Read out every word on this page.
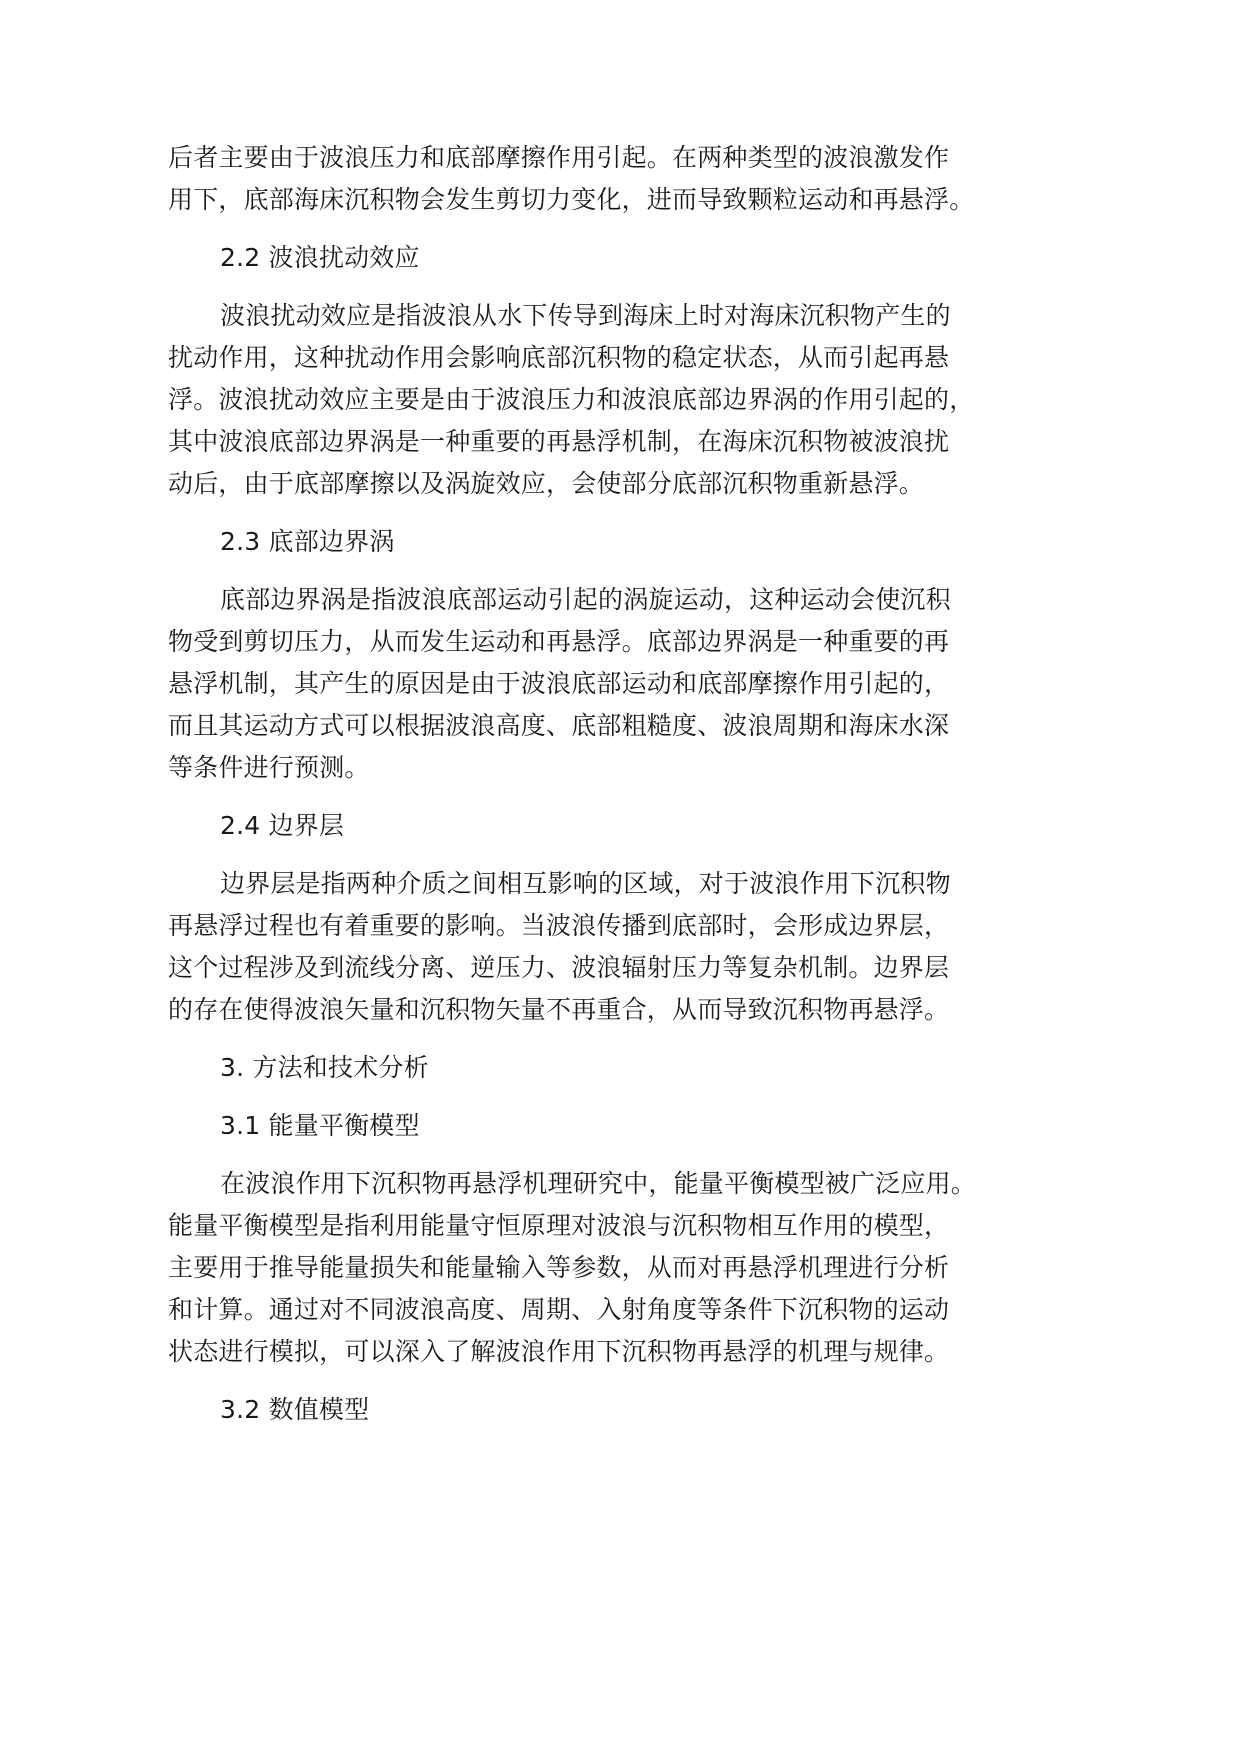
后者主要由于波浪压力和底部摩擦作用引起。在两种类型的波浪激发作
用下，底部海床沉积物会发生剪切力变化，进而导致颗粒运动和再悬浮。
2.2 波浪扰动效应
波浪扰动效应是指波浪从水下传导到海床上时对海床沉积物产生的
扰动作用，这种扰动作用会影响底部沉积物的稳定状态，从而引起再悬
浮。波浪扰动效应主要是由于波浪压力和波浪底部边界涡的作用引起的，
其中波浪底部边界涡是一种重要的再悬浮机制，在海床沉积物被波浪扰
动后，由于底部摩擦以及涡旋效应，会使部分底部沉积物重新悬浮。
2.3 底部边界涡
底部边界涡是指波浪底部运动引起的涡旋运动，这种运动会使沉积
物受到剪切压力，从而发生运动和再悬浮。底部边界涡是一种重要的再
悬浮机制，其产生的原因是由于波浪底部运动和底部摩擦作用引起的，
而且其运动方式可以根据波浪高度、底部粗糙度、波浪周期和海床水深
等条件进行预测。
2.4 边界层
边界层是指两种介质之间相互影响的区域，对于波浪作用下沉积物
再悬浮过程也有着重要的影响。当波浪传播到底部时，会形成边界层，
这个过程涉及到流线分离、逆压力、波浪辐射压力等复杂机制。边界层
的存在使得波浪矢量和沉积物矢量不再重合，从而导致沉积物再悬浮。
3. 方法和技术分析
3.1 能量平衡模型
在波浪作用下沉积物再悬浮机理研究中，能量平衡模型被广泛应用。
能量平衡模型是指利用能量守恒原理对波浪与沉积物相互作用的模型，
主要用于推导能量损失和能量输入等参数，从而对再悬浮机理进行分析
和计算。通过对不同波浪高度、周期、入射角度等条件下沉积物的运动
状态进行模拟，可以深入了解波浪作用下沉积物再悬浮的机理与规律。
3.2 数值模型
